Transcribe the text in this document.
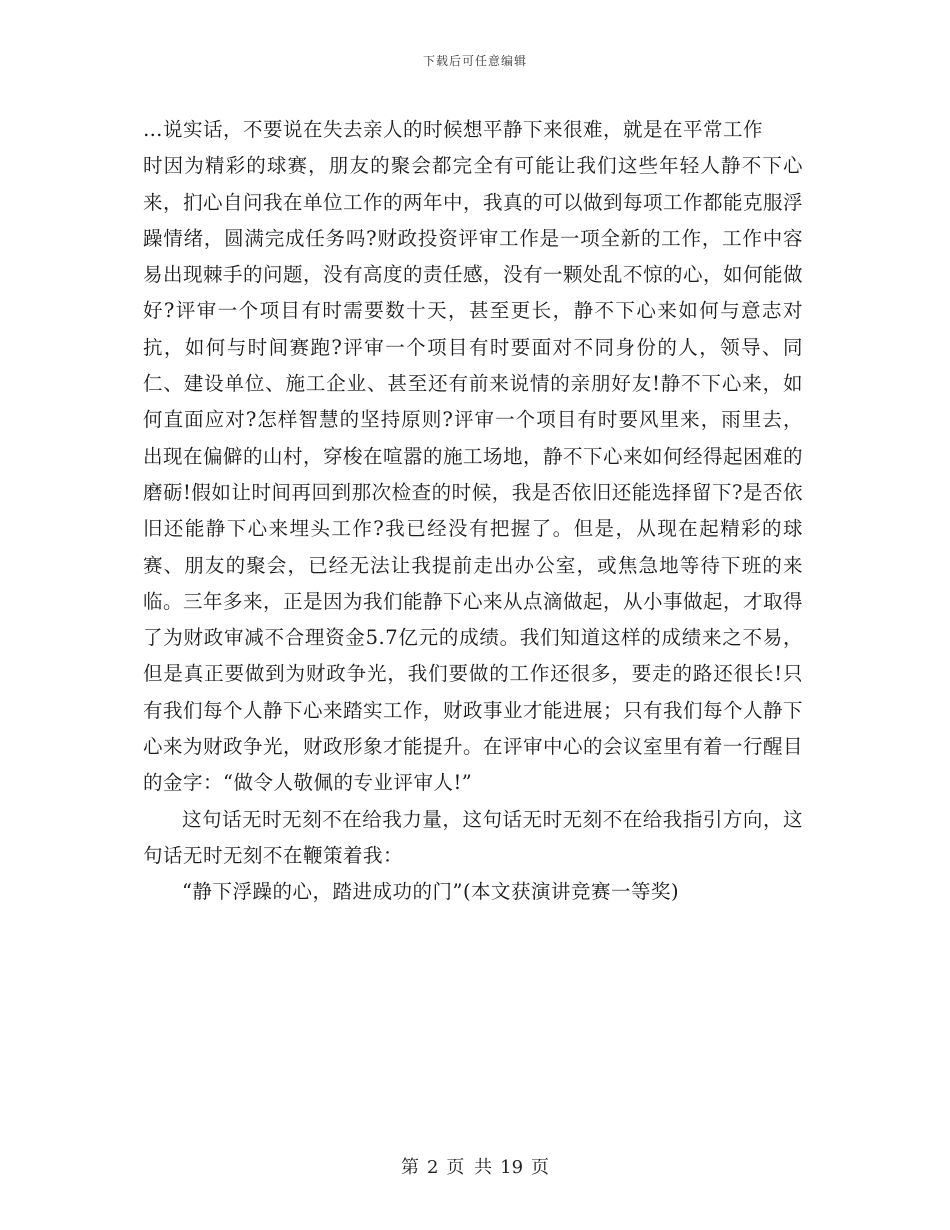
下载后可任意编辑

…说实话，不要说在失去亲人的时候想平静下来很难，就是在平常工作

时因为精彩的球赛，朋友的聚会都完全有可能让我们这些年轻人静不下心来，扪心自问我在单位工作的两年中，我真的可以做到每项工作都能克服浮躁情绪，圆满完成任务吗?财政投资评审工作是一项全新的工作，工作中容易出现棘手的问题，没有高度的责任感，没有一颗处乱不惊的心，如何能做好?评审一个项目有时需要数十天，甚至更长，静不下心来如何与意志对抗，如何与时间赛跑?评审一个项目有时要面对不同身份的人，领导、同仁、建设单位、施工企业、甚至还有前来说情的亲朋好友!静不下心来，如何直面应对?怎样智慧的坚持原则?评审一个项目有时要风里来，雨里去，出现在偏僻的山村，穿梭在喧嚣的施工场地，静不下心来如何经得起困难的磨砺!假如让时间再回到那次检查的时候，我是否依旧还能选择留下?是否依旧还能静下心来埋头工作?我已经没有把握了。但是，从现在起精彩的球赛、朋友的聚会，已经无法让我提前走出办公室，或焦急地等待下班的来临。三年多来，正是因为我们能静下心来从点滴做起，从小事做起，才取得了为财政审减不合理资金5.7亿元的成绩。我们知道这样的成绩来之不易，但是真正要做到为财政争光，我们要做的工作还很多，要走的路还很长!只有我们每个人静下心来踏实工作，财政事业才能进展；只有我们每个人静下心来为财政争光，财政形象才能提升。在评审中心的会议室里有着一行醒目的金字：“做令人敬佩的专业评审人!”

这句话无时无刻不在给我力量，这句话无时无刻不在给我指引方向，这句话无时无刻不在鞭策着我：

“静下浮躁的心，踏进成功的门”(本文获演讲竞赛一等奖)

第 2 页 共 19 页
